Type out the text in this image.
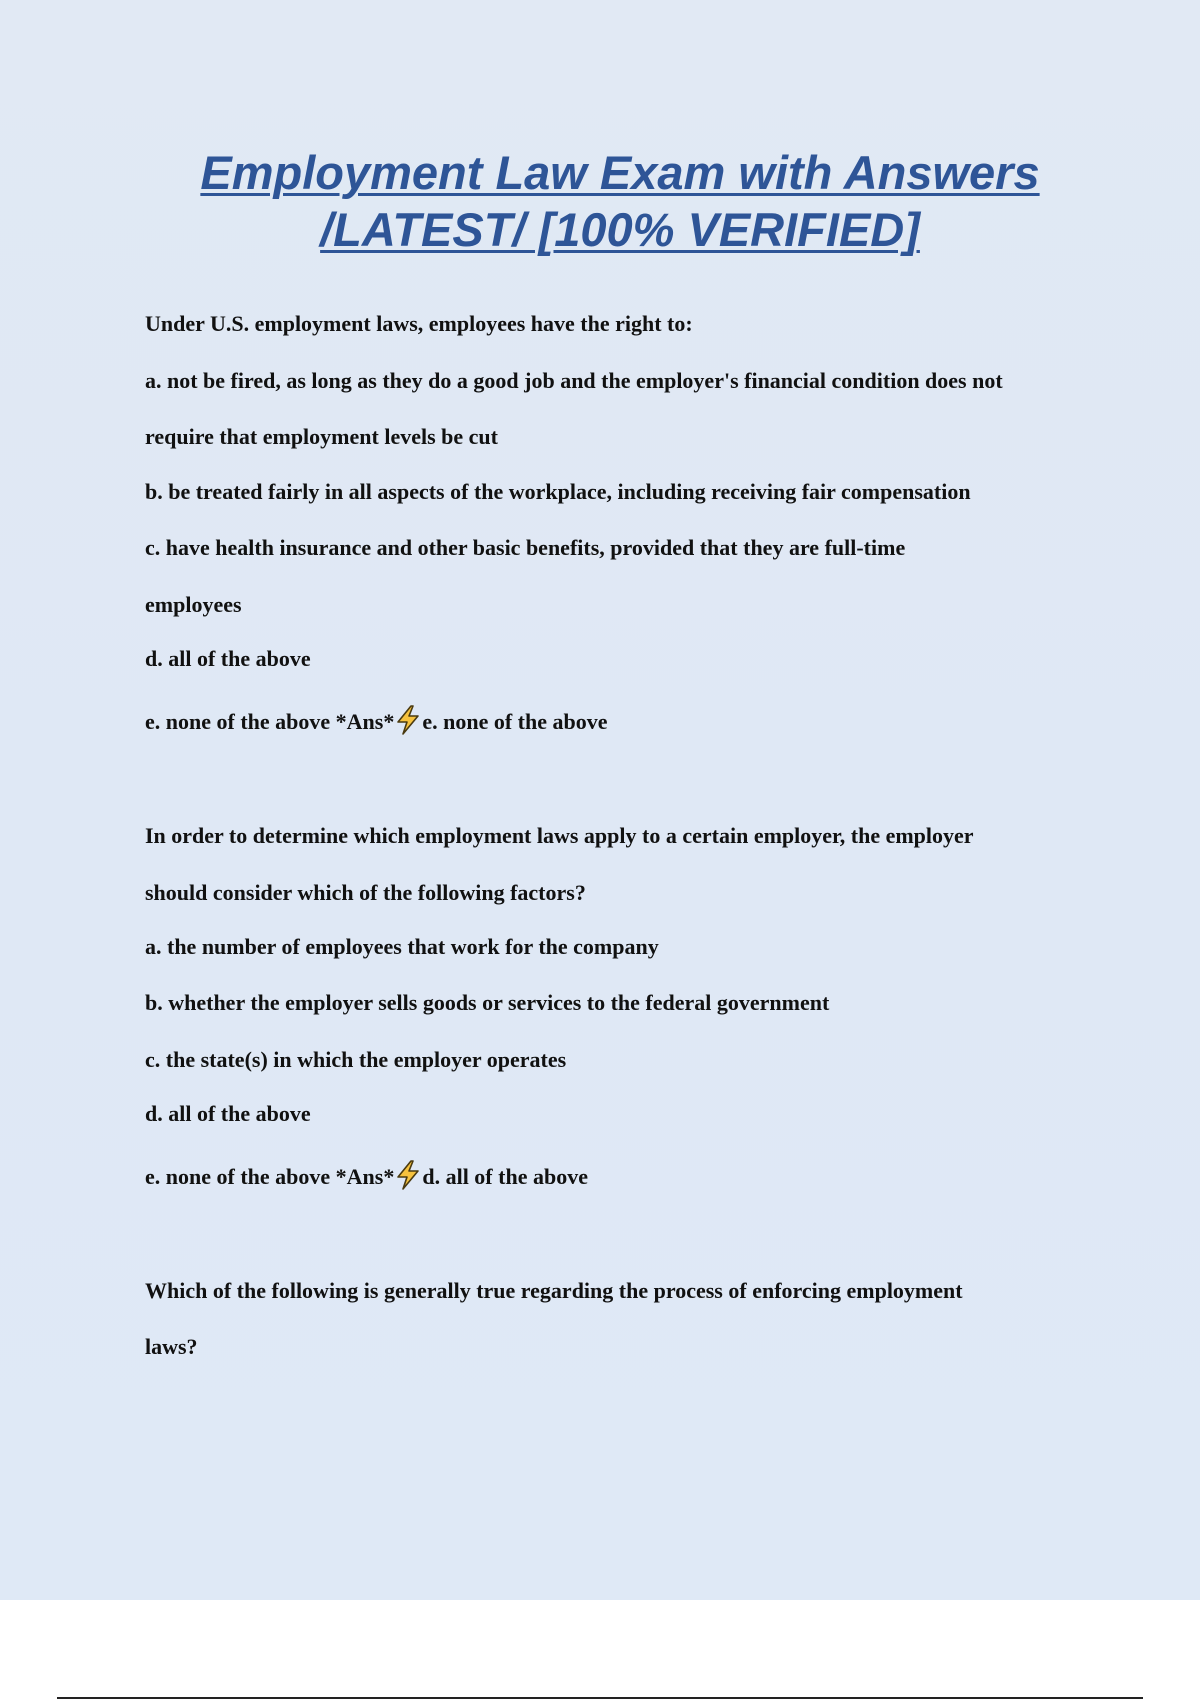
Employment Law Exam with Answers
/LATEST/ [100% VERIFIED]
Under U.S. employment laws, employees have the right to:
a. not be fired, as long as they do a good job and the employer's financial condition does not
require that employment levels be cut
b. be treated fairly in all aspects of the workplace, including receiving fair compensation
c. have health insurance and other basic benefits, provided that they are full-time
employees
d. all of the above
e. none of the above *Ans* e. none of the above
In order to determine which employment laws apply to a certain employer, the employer
should consider which of the following factors?
a. the number of employees that work for the company
b. whether the employer sells goods or services to the federal government
c. the state(s) in which the employer operates
d. all of the above
e. none of the above *Ans* d. all of the above
Which of the following is generally true regarding the process of enforcing employment
laws?
